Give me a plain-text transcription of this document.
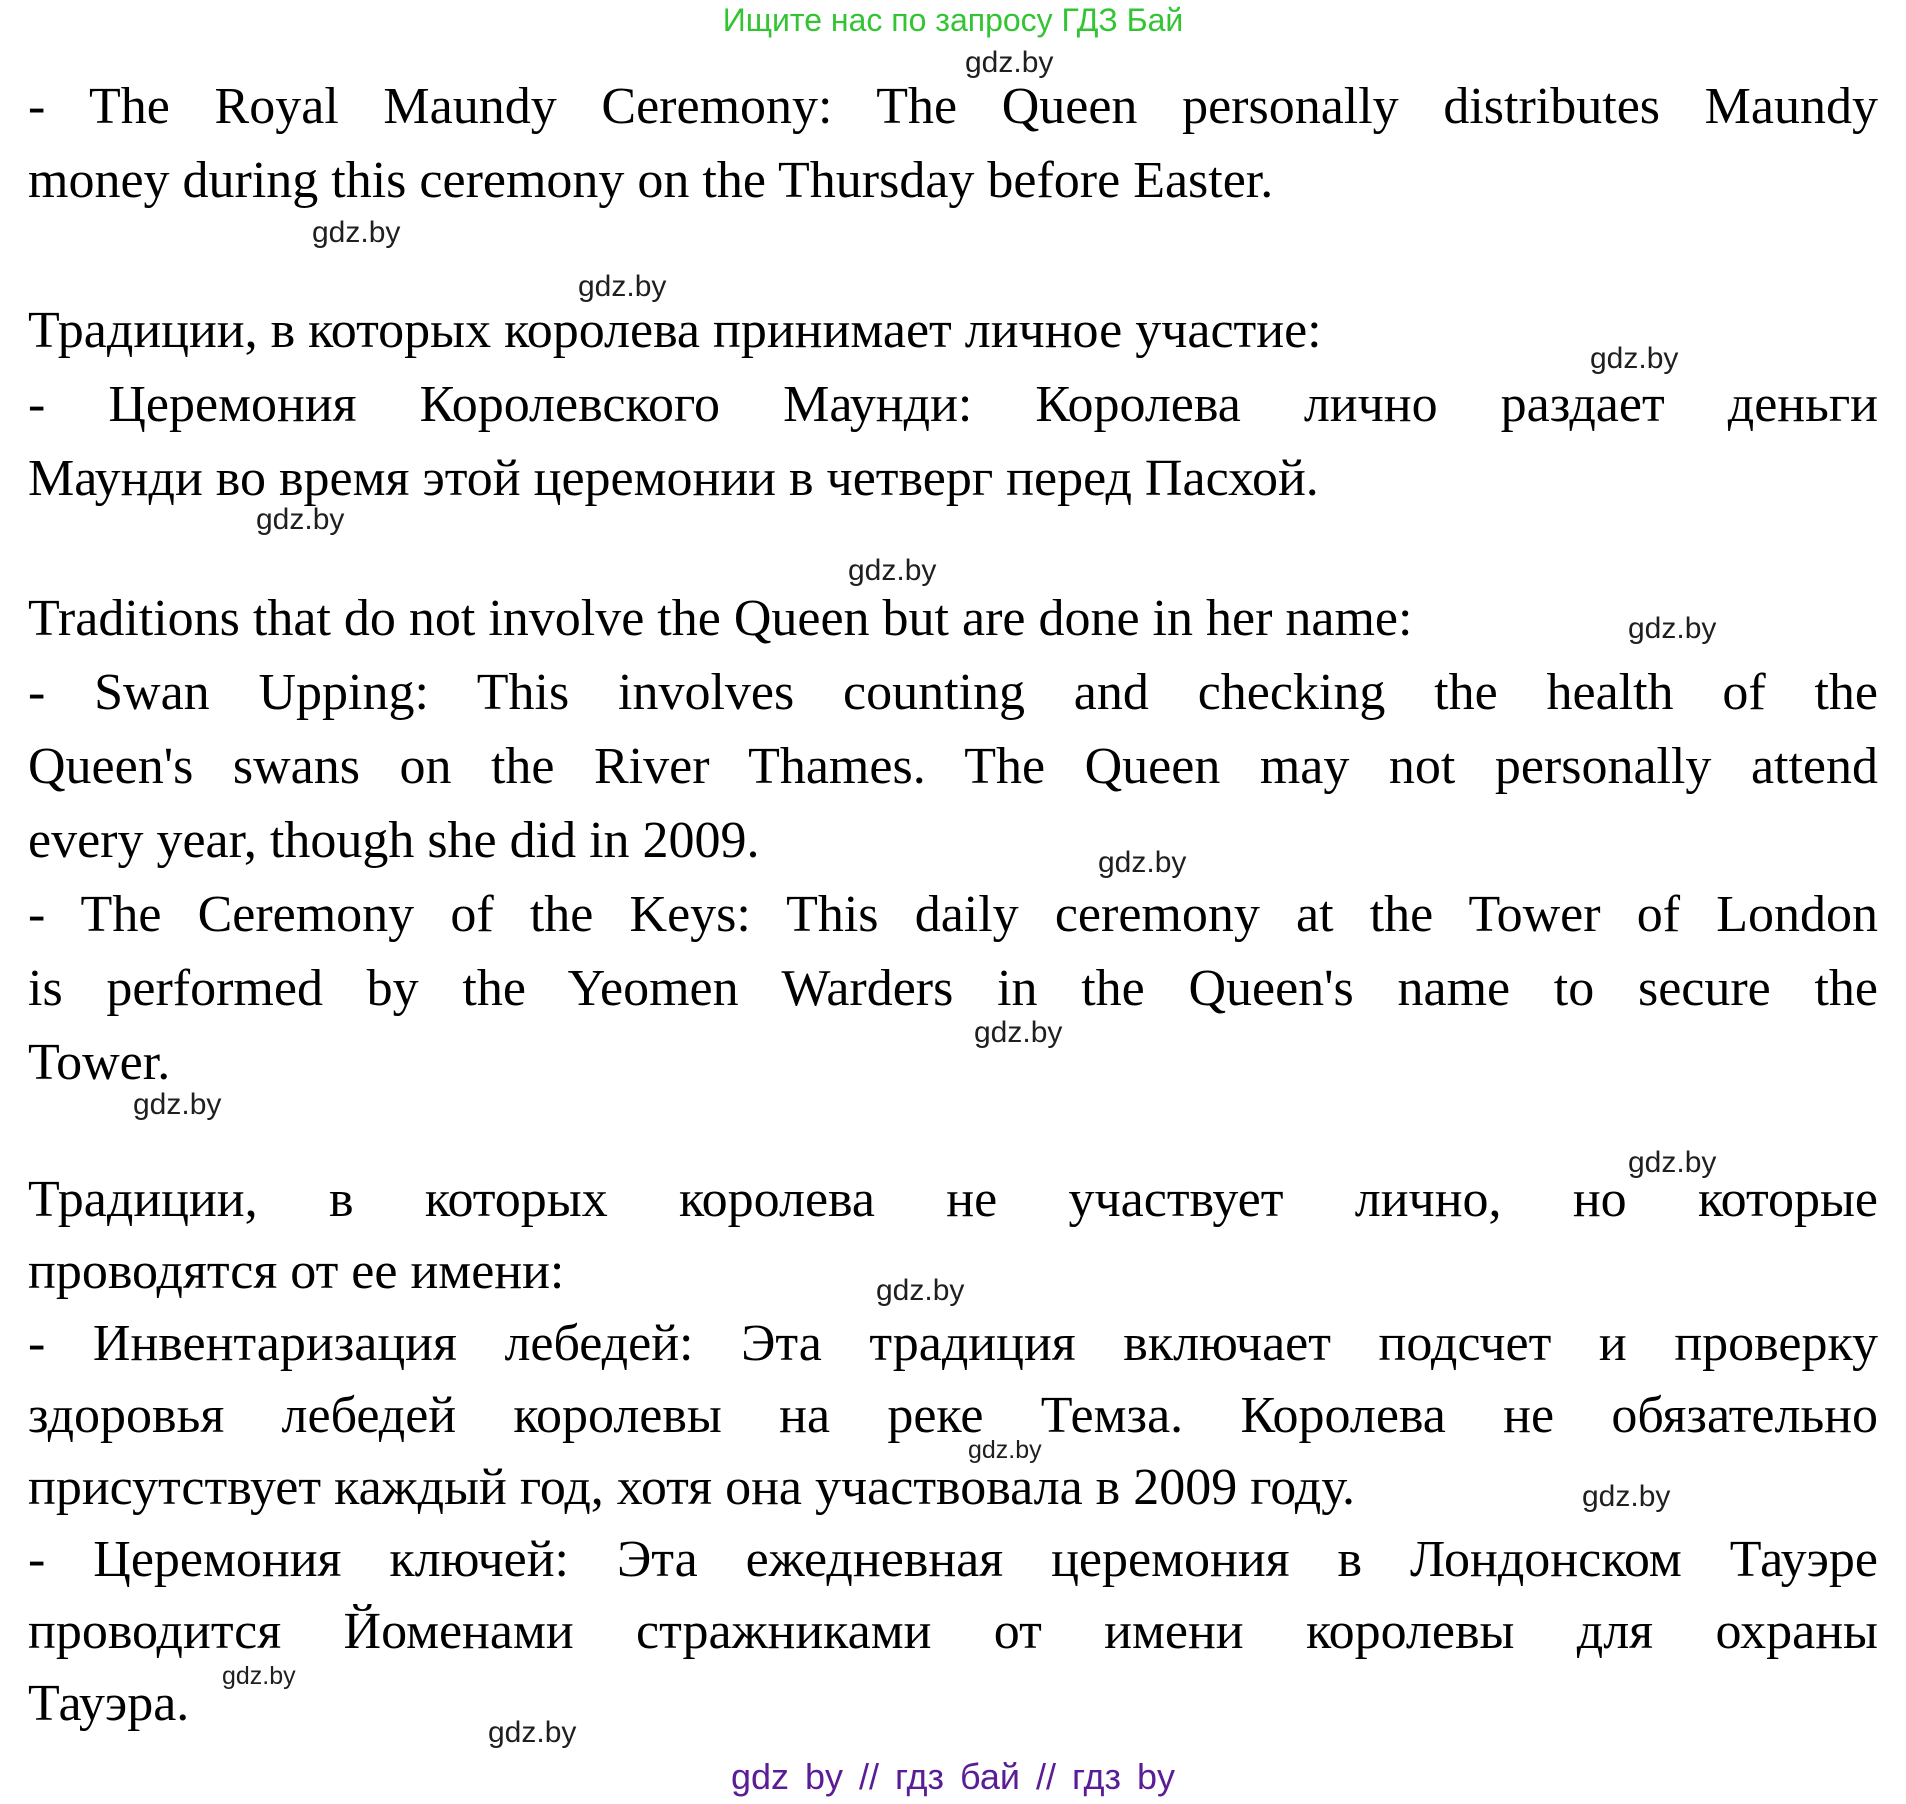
Ищите нас по запросу ГДЗ Бай
- The Royal Maundy Ceremony: The Queen personally distributes Maundy
money during this ceremony on the Thursday before Easter.
Традиции, в которых королева принимает личное участие:
- Церемония Королевского Маунди: Королева лично раздает деньги
Маунди во время этой церемонии в четверг перед Пасхой.
Traditions that do not involve the Queen but are done in her name:
- Swan Upping: This involves counting and checking the health of the
Queen's swans on the River Thames. The Queen may not personally attend
every year, though she did in 2009.
- The Ceremony of the Keys: This daily ceremony at the Tower of London
is performed by the Yeomen Warders in the Queen's name to secure the
Tower.
Традиции, в которых королева не участвует лично, но которые
проводятся от ее имени:
- Инвентаризация лебедей: Эта традиция включает подсчет и проверку
здоровья лебедей королевы на реке Темза. Королева не обязательно
присутствует каждый год, хотя она участвовала в 2009 году.
- Церемония ключей: Эта ежедневная церемония в Лондонском Тауэре
проводится Йоменами стражниками от имени королевы для охраны
Тауэра.
gdz.by
gdz.by
gdz.by
gdz.by
gdz.by
gdz.by
gdz.by
gdz.by
gdz.by
gdz.by
gdz.by
gdz.by
gdz.by
gdz.by
gdz.by
gdz.by
gdz by // гдз бай // гдз by
